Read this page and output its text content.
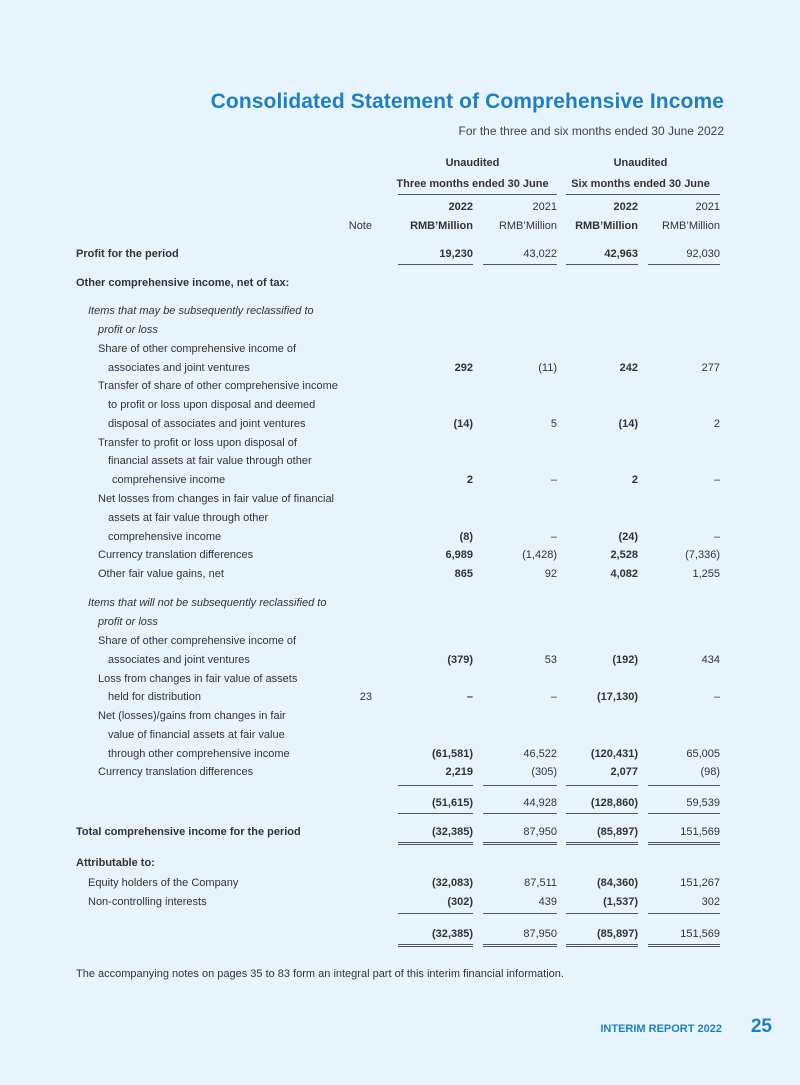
Consolidated Statement of Comprehensive Income
For the three and six months ended 30 June 2022
Unaudited
Three months ended 30 June
Unaudited
Six months ended 30 June
2022	2021	2022	2021
Note	RMB’Million	RMB’Million	RMB’Million	RMB’Million
Profit for the period	19,230	43,022	42,963	92,030
Other comprehensive income, net of tax:
Items that may be subsequently reclassified to
profit or loss
Share of other comprehensive income of
associates and joint ventures	292	(11)	242	277
Transfer of share of other comprehensive income
to profit or loss upon disposal and deemed
disposal of associates and joint ventures	(14)	5	(14)	2
Transfer to profit or loss upon disposal of
financial assets at fair value through other
comprehensive income	2	–	2	–
Net losses from changes in fair value of financial
assets at fair value through other
comprehensive income	(8)	–	(24)	–
Currency translation differences	6,989	(1,428)	2,528	(7,336)
Other fair value gains, net	865	92	4,082	1,255
Items that will not be subsequently reclassified to
profit or loss
Share of other comprehensive income of
associates and joint ventures	(379)	53	(192)	434
Loss from changes in fair value of assets
held for distribution	23	–	–	(17,130)	–
Net (losses)/gains from changes in fair
value of financial assets at fair value
through other comprehensive income	(61,581)	46,522	(120,431)	65,005
Currency translation differences	2,219	(305)	2,077	(98)
(51,615)	44,928	(128,860)	59,539
Total comprehensive income for the period	(32,385)	87,950	(85,897)	151,569
Attributable to:
Equity holders of the Company	(32,083)	87,511	(84,360)	151,267
Non-controlling interests	(302)	439	(1,537)	302
(32,385)	87,950	(85,897)	151,569
The accompanying notes on pages 35 to 83 form an integral part of this interim financial information.
INTERIM REPORT 2022 25
